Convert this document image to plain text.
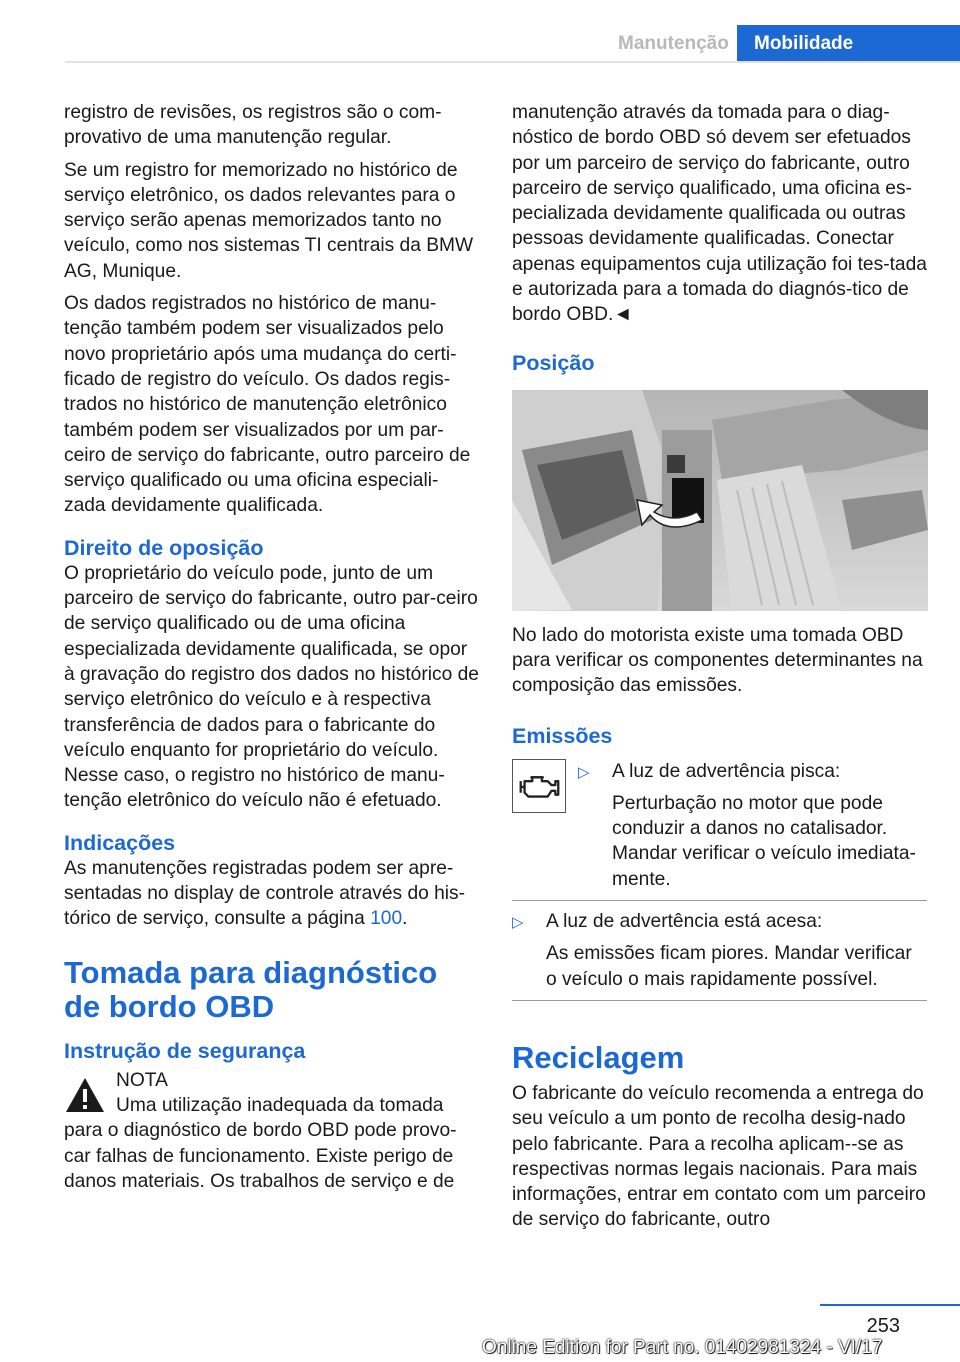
Manutenção	Mobilidade

registro de revisões, os registros são o com-provativo de uma manutenção regular.

Se um registro for memorizado no histórico de serviço eletrônico, os dados relevantes para o serviço serão apenas memorizados tanto no veículo, como nos sistemas TI centrais da BMW AG, Munique.

Os dados registrados no histórico de manu-tenção também podem ser visualizados pelo novo proprietário após uma mudança do certi-ficado de registro do veículo. Os dados regis-trados no histórico de manutenção eletrônico também podem ser visualizados por um par-ceiro de serviço do fabricante, outro parceiro de serviço qualificado ou uma oficina especiali-zada devidamente qualificada.

Direito de oposição

O proprietário do veículo pode, junto de um parceiro de serviço do fabricante, outro par-ceiro de serviço qualificado ou de uma oficina especializada devidamente qualificada, se opor à gravação do registro dos dados no histórico de serviço eletrônico do veículo e à respectiva transferência de dados para o fabricante do veículo enquanto for proprietário do veículo. Nesse caso, o registro no histórico de manu-tenção eletrônico do veículo não é efetuado.

Indicações

As manutenções registradas podem ser apre-sentadas no display de controle através do his-tórico de serviço, consulte a página 100.

Tomada para diagnóstico de bordo OBD
Instrução de segurança
NOTA

Uma utilização inadequada da tomada para o diagnóstico de bordo OBD pode provo-car falhas de funcionamento. Existe perigo de danos materiais. Os trabalhos de serviço e de

manutenção através da tomada para o diag-nóstico de bordo OBD só devem ser efetuados por um parceiro de serviço do fabricante, outro parceiro de serviço qualificado, uma oficina es-pecializada devidamente qualificada ou outras pessoas devidamente qualificadas. Conectar apenas equipamentos cuja utilização foi tes-tada e autorizada para a tomada do diagnós-tico de bordo OBD.◄

Posição

No lado do motorista existe uma tomada OBD para verificar os componentes determinantes na composição das emissões.

Emissões
▷ A luz de advertência pisca:
Perturbação no motor que pode conduzir a danos no catalisador. Mandar verificar o veículo imediata-mente.
▷ A luz de advertência está acesa:
As emissões ficam piores. Mandar verificar o veículo o mais rapidamente possível.
Reciclagem

O fabricante do veículo recomenda a entrega do seu veículo a um ponto de recolha desig-nado pelo fabricante. Para a recolha aplicam--se as respectivas normas legais nacionais. Para mais informações, entrar em contato com um parceiro de serviço do fabricante, outro

253
Online Edition for Part no. 01402981324 - VI/17
